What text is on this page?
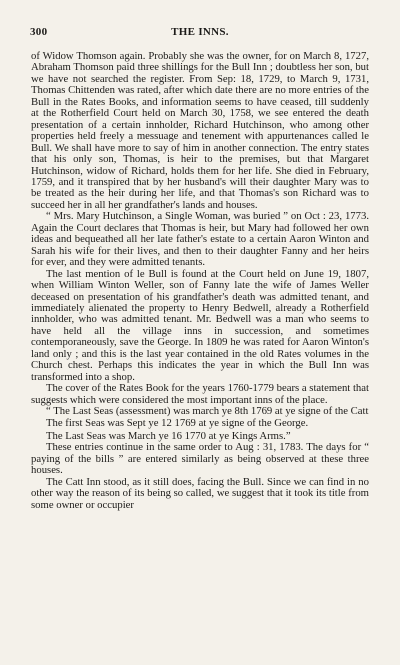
300	THE INNS.

of Widow Thomson again. Probably she was the owner, for on March 8, 1727, Abraham Thomson paid three shillings for the Bull Inn ; doubtless her son, but we have not searched the register. From Sep: 18, 1729, to March 9, 1731, Thomas Chittenden was rated, after which date there are no more entries of the Bull in the Rates Books, and information seems to have ceased, till suddenly at the Rotherfield Court held on March 30, 1758, we see entered the death presentation of a certain innholder, Richard Hutchinson, who among other properties held freely a messuage and tenement with appurtenances called le Bull. We shall have more to say of him in another connection. The entry states that his only son, Thomas, is heir to the premises, but that Margaret Hutchinson, widow of Richard, holds them for her life. She died in February, 1759, and it transpired that by her husband's will their daughter Mary was to be treated as the heir during her life, and that Thomas's son Richard was to succeed her in all her grandfather's lands and houses.

“ Mrs. Mary Hutchinson, a Single Woman, was buried ” on Oct : 23, 1773. Again the Court declares that Thomas is heir, but Mary had followed her own ideas and bequeathed all her late father's estate to a certain Aaron Winton and Sarah his wife for their lives, and then to their daughter Fanny and her heirs for ever, and they were admitted tenants.

The last mention of le Bull is found at the Court held on June 19, 1807, when William Winton Weller, son of Fanny late the wife of James Weller deceased on presentation of his grandfather's death was admitted tenant, and immediately alienated the property to Henry Bedwell, already a Rotherfield innholder, who was admitted tenant. Mr. Bedwell was a man who seems to have held all the village inns in succession, and sometimes contemporaneously, save the George. In 1809 he was rated for Aaron Winton's land only ; and this is the last year contained in the old Rates volumes in the Church chest. Perhaps this indicates the year in which the Bull Inn was transformed into a shop.

The cover of the Rates Book for the years 1760-1779 bears a statement that suggests which were considered the most important inns of the place.

“ The Last Seas (assessment) was march ye 8th 1769 at ye signe of the Catt

The first Seas was Sept ye 12 1769 at ye signe of the George.

The Last Seas was March ye 16 1770 at ye Kings Arms.”

These entries continue in the same order to Aug : 31, 1783. The days for “ paying of the bills ” are entered similarly as being observed at these three houses.

The Catt Inn stood, as it still does, facing the Bull. Since we can find in no other way the reason of its being so called, we suggest that it took its title from some owner or occupier
